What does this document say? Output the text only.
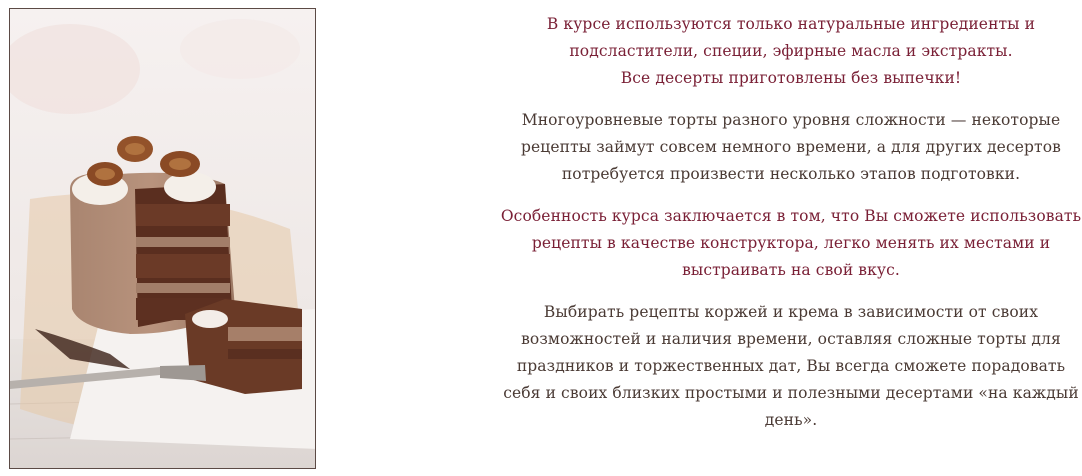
В курсе используются только натуральные ингредиенты и
подсластители, специи, эфирные масла и экстракты.
Все десерты приготовлены без выпечки!

Многоуровневые торты разного уровня сложности — некоторые
рецепты займут совсем немного времени, а для других десертов
потребуется произвести несколько этапов подготовки.

Особенность курса заключается в том, что Вы сможете использовать
рецепты в качестве конструктора, легко менять их местами и
выстраивать на свой вкус.

Выбирать рецепты коржей и крема в зависимости от своих
возможностей и наличия времени, оставляя сложные торты для
праздников и торжественных дат, Вы всегда сможете порадовать
себя и своих близких простыми и полезными десертами «на каждый
день».
